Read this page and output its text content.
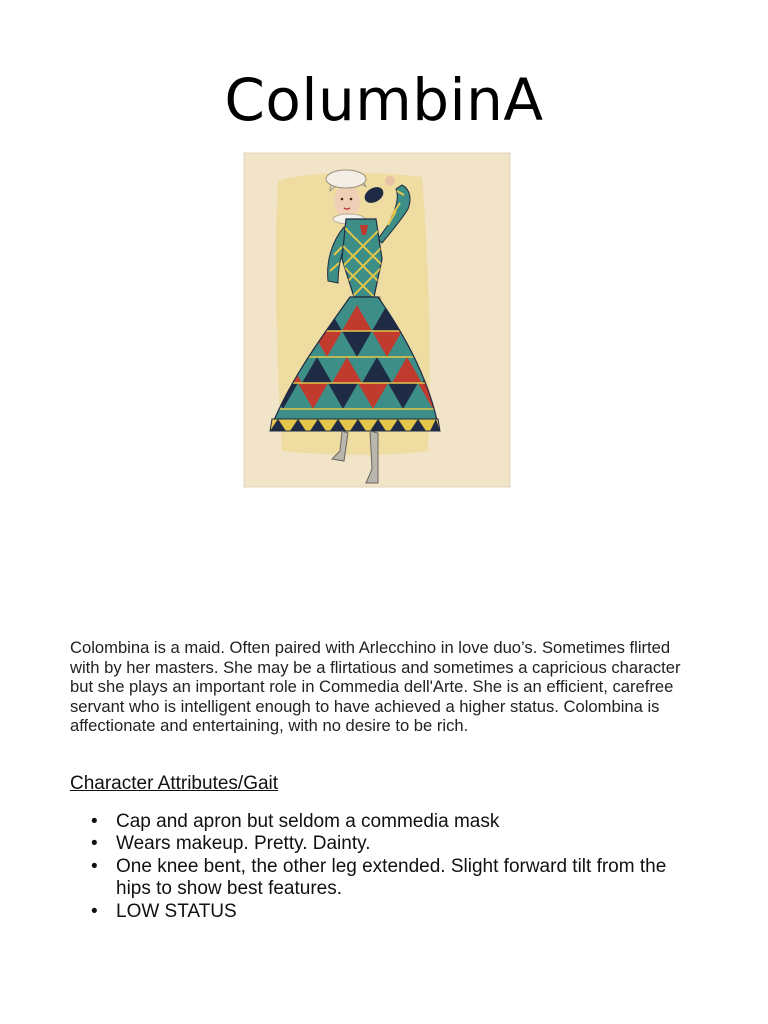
ColumbinA

Colombina is a maid. Often paired with Arlecchino in love duo’s. Sometimes flirted with by her masters. She may be a flirtatious and sometimes a capricious character but she plays an important role in Commedia dell'Arte. She is an efficient, carefree servant who is intelligent enough to have achieved a higher status. Colombina is affectionate and entertaining, with no desire to be rich.

Character Attributes/Gait
• Cap and apron but seldom a commedia mask
• Wears makeup. Pretty. Dainty.
• One knee bent, the other leg extended. Slight forward tilt from the hips to show best features.
• LOW STATUS
